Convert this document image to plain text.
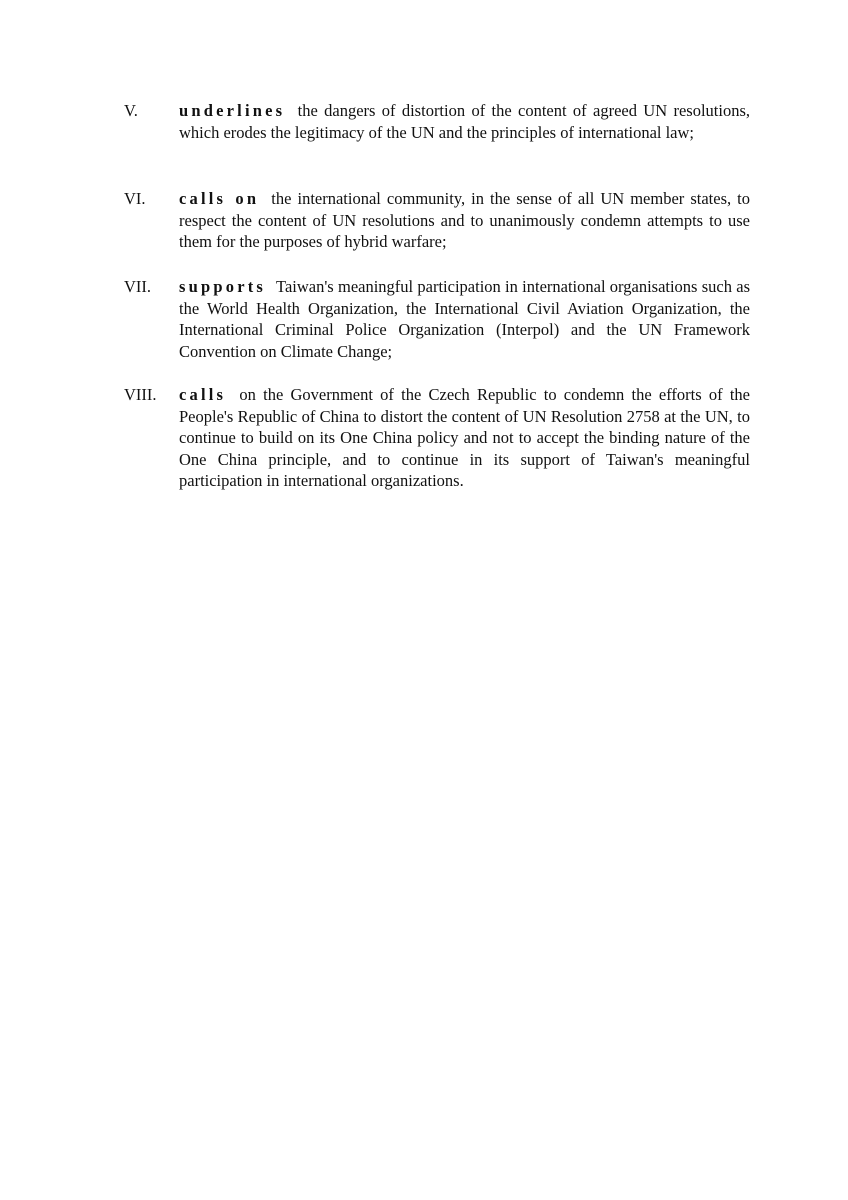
V. underlines the dangers of distortion of the content of agreed UN resolutions, which erodes the legitimacy of the UN and the principles of international law;
VI. calls on the international community, in the sense of all UN member states, to respect the content of UN resolutions and to unanimously condemn attempts to use them for the purposes of hybrid warfare;
VII. supports Taiwan's meaningful participation in international organisations such as the World Health Organization, the International Civil Aviation Organization, the International Criminal Police Organization (Interpol) and the UN Framework Convention on Climate Change;
VIII. calls on the Government of the Czech Republic to condemn the efforts of the People's Republic of China to distort the content of UN Resolution 2758 at the UN, to continue to build on its One China policy and not to accept the binding nature of the One China principle, and to continue in its support of Taiwan's meaningful participation in international organizations.
